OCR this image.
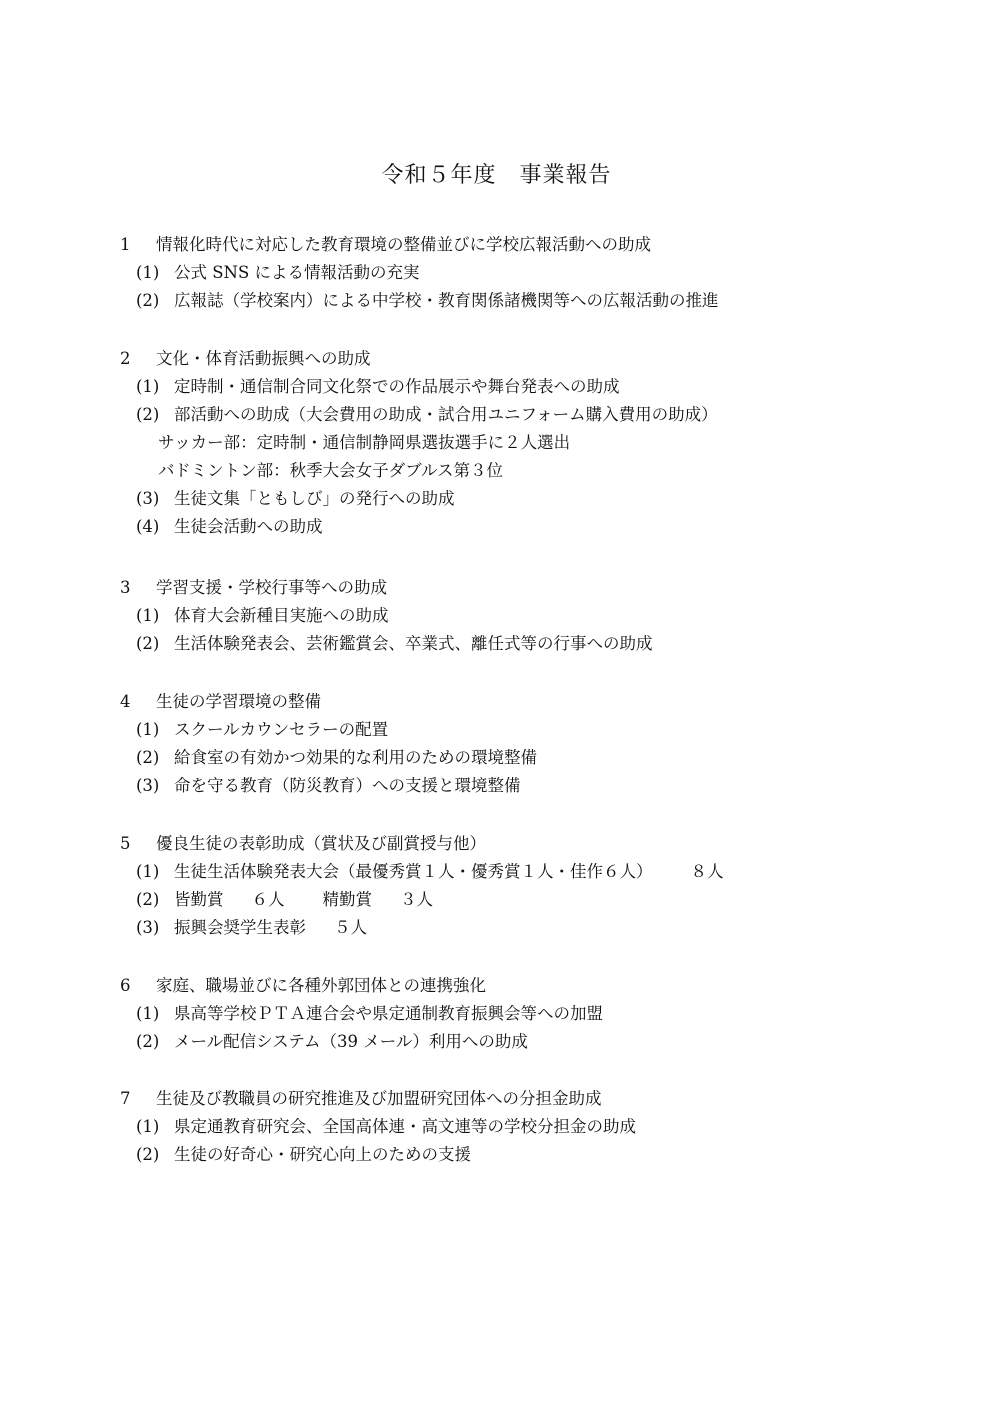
令和５年度　事業報告
1 情報化時代に対応した教育環境の整備並びに学校広報活動への助成
(1) 公式 SNS による情報活動の充実
(2) 広報誌（学校案内）による中学校・教育関係諸機関等への広報活動の推進
2 文化・体育活動振興への助成
(1) 定時制・通信制合同文化祭での作品展示や舞台発表への助成
(2) 部活動への助成（大会費用の助成・試合用ユニフォーム購入費用の助成）
サッカー部：定時制・通信制静岡県選抜選手に２人選出
バドミントン部：秋季大会女子ダブルス第３位
(3) 生徒文集「ともしび」の発行への助成
(4) 生徒会活動への助成
3 学習支援・学校行事等への助成
(1) 体育大会新種目実施への助成
(2) 生活体験発表会、芸術鑑賞会、卒業式、離任式等の行事への助成
4 生徒の学習環境の整備
(1) スクールカウンセラーの配置
(2) 給食室の有効かつ効果的な利用のための環境整備
(3) 命を守る教育（防災教育）への支援と環境整備
5 優良生徒の表彰助成（賞状及び副賞授与他）
(1) 生徒生活体験発表大会（最優秀賞１人・優秀賞１人・佳作６人） ８人
(2) 皆勤賞 ６人 精勤賞 ３人
(3) 振興会奨学生表彰 ５人
6 家庭、職場並びに各種外郭団体との連携強化
(1) 県高等学校ＰＴＡ連合会や県定通制教育振興会等への加盟
(2) メール配信システム（39 メール）利用への助成
7 生徒及び教職員の研究推進及び加盟研究団体への分担金助成
(1) 県定通教育研究会、全国高体連・高文連等の学校分担金の助成
(2) 生徒の好奇心・研究心向上のための支援
